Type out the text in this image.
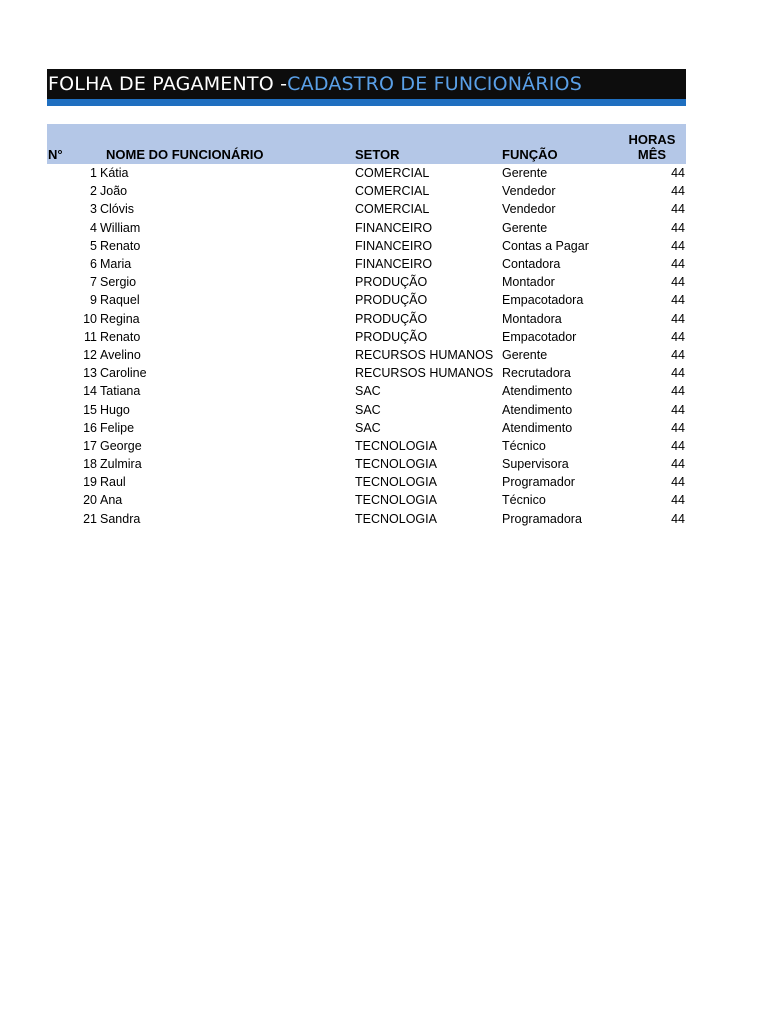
FOLHA DE PAGAMENTO - CADASTRO DE FUNCIONÁRIOS
N°	NOME DO FUNCIONÁRIO	SETOR	FUNÇÃO	HORAS
MÊS
1	Kátia	COMERCIAL	Gerente	44
2	João	COMERCIAL	Vendedor	44
3	Clóvis	COMERCIAL	Vendedor	44
4	William	FINANCEIRO	Gerente	44
5	Renato	FINANCEIRO	Contas a Pagar	44
6	Maria	FINANCEIRO	Contadora	44
7	Sergio	PRODUÇÃO	Montador	44
9	Raquel	PRODUÇÃO	Empacotadora	44
10	Regina	PRODUÇÃO	Montadora	44
11	Renato	PRODUÇÃO	Empacotador	44
12	Avelino	RECURSOS HUMANOS	Gerente	44
13	Caroline	RECURSOS HUMANOS	Recrutadora	44
14	Tatiana	SAC	Atendimento	44
15	Hugo	SAC	Atendimento	44
16	Felipe	SAC	Atendimento	44
17	George	TECNOLOGIA	Técnico	44
18	Zulmira	TECNOLOGIA	Supervisora	44
19	Raul	TECNOLOGIA	Programador	44
20	Ana	TECNOLOGIA	Técnico	44
21	Sandra	TECNOLOGIA	Programadora	44
